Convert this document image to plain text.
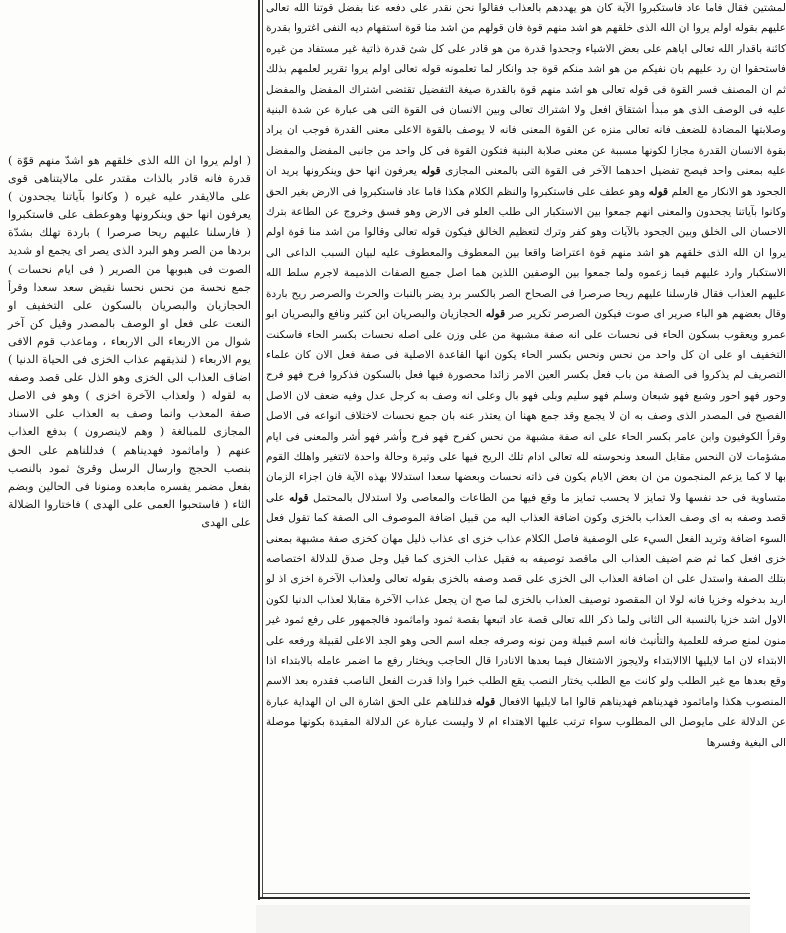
( اولم يروا ان الله الذى خلقهم هو اشدّ منهم قوّة ) قدرة فانه قادر بالذات مقتدر على مالايتناهى قوى على مالايقدر عليه غيره ( وكانوا بآياتنا يجحدون ) يعرفون انها حق وينكرونها وهوعطف على فاستكبروا ( فارسلنا عليهم ريحا صرصرا ) باردة تهلك بشدّة بردها من الصر وهو البرد الذى يصر اى يجمع او شديد الصوت فى هبوبها من الصرير ( فى ايام نحسات ) جمع نحسة من نحس نحسا نقيض سعد سعدا وقرأ الحجازيان والبصريان بالسكون على التخفيف او النعت على فعل او الوصف بالمصدر وقيل كن آخر شوال من الاربعاء الى الاربعاء ، وماعذب قوم الافى يوم الاربعاء ( لنذيقهم عذاب الخزى فى الحياة الدنيا ) اضاف العذاب الى الخزى وهو الذل على قصد وصفه به لقوله ( ولعذاب الآخرة اخزى ) وهو فى الاصل صفة المعذب وانما وصف به العذاب على الاسناد المجازى للمبالغة ( وهم لاينصرون ) بدفع العذاب عنهم ( واماثمود فهديناهم ) فدللناهم على الحق بنصب الحجج وارسال الرسل وقرئ ثمود بالنصب بفعل مضمر يفسره مابعده ومنونا فى الحالين وبضم الثاء ( فاستحبوا العمى على الهدى ) فاختاروا الضلالة على الهدى

لمشتين فقال فاما عاد فاستكبروا الآية كان هو يهددهم بالعذاب فقالوا نحن نقدر على دفعه عنا بفضل قوتنا الله تعالى عليهم بقوله اولم يروا ان الله الذى خلقهم هو اشد منهم قوة فان قولهم من اشد منا قوة استفهام ديه النفى اغتروا بقدرة كائنة باقدار الله تعالى اياهم على بعض الاشياء وجحدوا قدرة من هو قادر على كل شئ قدرة ذاتية غير مستفاد من غيره فاستحقوا ان رد عليهم بان نفيكم من هو اشد منكم قوة جد وانكار لما تعلمونه قوله تعالى اولم يروا تقرير لعلمهم بذلك ثم ان المصنف فسر القوة فى قوله تعالى هو اشد منهم قوة بالقدرة صيغة التفضيل تقتضى اشتراك المفضل والمفضل عليه فى الوصف الذى هو مبدأ اشتقاق افعل ولا اشتراك تعالى وبين الانسان فى القوة التى هى عبارة عن شدة البنية وصلابتها المضادة للضعف فانه تعالى منزه عن القوة المعنى فانه لا يوصف بالقوة الاعلى معنى القدرة فوجب ان يراد بقوة الانسان القدرة مجازا لكونها مسببة عن معنى صلابة البنية فتكون القوة فى كل واحد من جانبى المفضل والمفضل عليه بمعنى واحد فيصح تفضيل احدهما الآخر فى القوة التى بالمعنى المجازى قوله يعرفون انها حق وينكرونها يريد ان الجحود هو الانكار مع العلم قوله وهو عطف على فاستكبروا والنظم الكلام هكذا فاما عاد فاستكبروا فى الارض بغير الحق وكانوا بآياتنا يجحدون والمعنى انهم جمعوا بين الاستكبار الى طلب العلو فى الارض وهو فسق وخروج عن الطاعة بترك الاحسان الى الخلق وبين الجحود بالآيات وهو كفر وترك لتعظيم الخالق فيكون قوله تعالى وقالوا من اشد منا قوة اولم يروا ان الله الذى خلقهم هو اشد منهم قوة اعتراضا واقعا بين المعطوف والمعطوف عليه لبيان السبب الداعى الى الاستكبار وارد عليهم فيما زعموه ولما جمعوا بين الوصفين اللذين هما اصل جميع الصفات الذميمة لاجرم سلط الله عليهم العذاب فقال فارسلنا عليهم ريحا صرصرا فى الصحاح الصر بالكسر برد يضر بالنبات والحرث والصرصر ريح باردة وقال بعضهم هو الباء صرير اى صوت فيكون الصرصر تكرير صر قوله الحجازيان والبصريان ابن كثير ونافع والبصريان ابو عمرو ويعقوب بسكون الحاء فى نحسات على انه صفة مشبهة من على وزن على اصله نحسات بكسر الحاء فاسكنت التخفيف او على ان كل واحد من نحس ونحس بكسر الحاء يكون انها القاعدة الاصلية فى صفة فعل الان كان علماء التصريف لم يذكروا فى الصفة من باب فعل بكسر العين الامر زائدا محصورة فيها فعل بالسكون فذكروا فرح فهو فرح وحور فهو احور وشبع فهو شبعان وسلم فهو سليم وبلى فهو بال وعلى انه وصف به كرجل عدل وفيه ضعف لان الاصل الفصيح فى المصدر الذى وصف به ان لا يجمع وقد جمع ههنا ان يعتذر عنه بان جمع نحسات لاختلاف انواعه فى الاصل وقرأ الكوفيون وابن عامر بكسر الحاء على انه صفة مشبهة من نحس كفرح فهو فرح وأشر فهو أشر والمعنى فى ايام مشؤمات لان النحس مقابل السعد ونحوسته لله تعالى ادام تلك الريح فيها على وتيرة وحالة واحدة لاتتغير واهلك القوم بها لا كما يزعم المنجمون من ان بعض الايام يكون فى ذاته نحسات وبعضها سعدا استدلالا بهذه الآية فان اجزاء الزمان متساوية فى حد نفسها ولا تمايز لا يحسب تمايز ما وقع فيها من الطاعات والمعاصى ولا استدلال بالمحتمل قوله على قصد وصفه به اى وصف العذاب بالخزى وكون اضافة العذاب اليه من قبيل اضافة الموصوف الى الصفة كما تقول فعل السوء اضافة وتريد الفعل السيء على الوصفية فاصل الكلام عذاب خزى اى عذاب ذليل مهان كخزى صفة مشبهة بمعنى خزى افعل كما ثم ضم اضيف العذاب الى ماقصد توصيفه به فقيل عذاب الخزى كما قيل وجل صدق للدلالة اختصاصه بتلك الصفة واستدل على ان اضافة العذاب الى الخزى على قصد وصفه بالخزى بقوله تعالى ولعذاب الآخرة اخزى اذ لو اريد بدخوله وخزيا فانه لولا ان المقصود توصيف العذاب بالخزى لما صح ان يجعل عذاب الآخرة مقابلا لعذاب الدنيا لكون الاول اشد خزيا بالنسبة الى الثانى ولما ذكر الله تعالى قصة عاد اتبعها بقصة ثمود واماثمود فالجمهور على رفع ثمود غير منون لمنع صرفه للعلمية والتأنيث فانه اسم قبيلة ومن نونه وصرفه جعله اسم الحى وهو الجد الاعلى لقبيلة ورفعه على الابتداء لان اما لايليها الاالابتداء ولايجوز الاشتغال فيما بعدها الانادرا قال الحاجب ويختار رفع ما اضمر عامله بالابتداء اذا وقع بعدها مع غير الطلب ولو كانت مع الطلب يختار النصب يقع الطلب خبرا واذا قدرت الفعل الناصب فقدره بعد الاسم المنصوب هكذا واماثمود فهديناهم فهديناهم قالوا اما لايليها الافعال قوله فدللناهم على الحق اشارة الى ان الهداية عبارة عن الدلالة على مايوصل الى المطلوب سواء ترتب عليها الاهتداء ام لا وليست عبارة عن الدلالة المقيدة بكونها موصلة الى البغية وفسرها
